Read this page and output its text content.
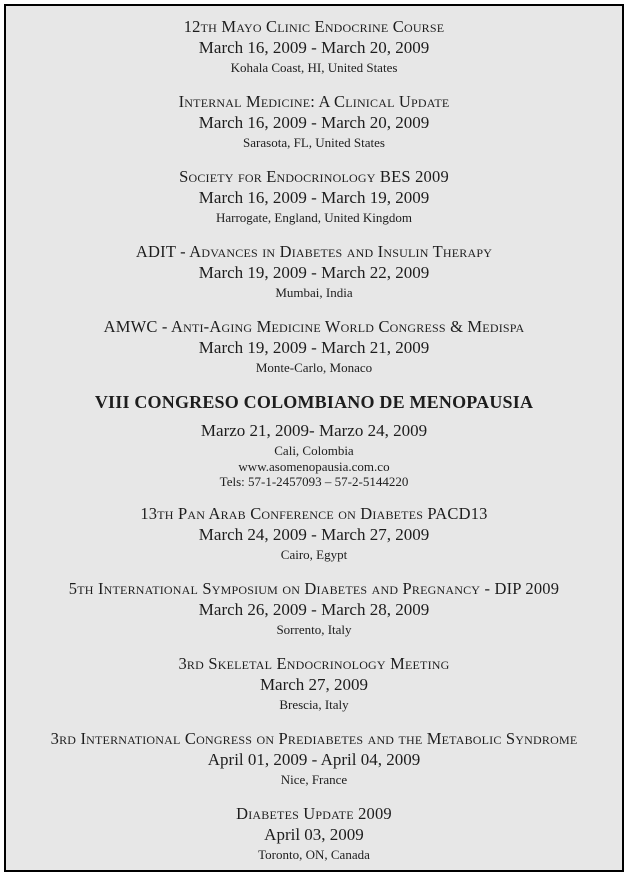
12th Mayo Clinic Endocrine Course
March 16, 2009 - March 20, 2009
Kohala Coast, HI, United States
Internal Medicine: A Clinical Update
March 16, 2009 - March 20, 2009
Sarasota, FL, United States
Society for Endocrinology BES 2009
March 16, 2009 - March 19, 2009
Harrogate, England, United Kingdom
ADIT - Advances in Diabetes and Insulin Therapy
March 19, 2009 - March 22, 2009
Mumbai, India
AMWC - Anti-Aging Medicine World Congress & Medispa
March 19, 2009 - March 21, 2009
Monte-Carlo, Monaco
VIII CONGRESO COLOMBIANO DE MENOPAUSIA
Marzo 21, 2009- Marzo 24, 2009
Cali, Colombia
www.asomenopausia.com.co
Tels: 57-1-2457093 – 57-2-5144220
13th Pan Arab Conference on Diabetes PACD13
March 24, 2009 - March 27, 2009
Cairo, Egypt
5th International Symposium on Diabetes and Pregnancy - DIP 2009
March 26, 2009 - March 28, 2009
Sorrento, Italy
3rd Skeletal Endocrinology Meeting
March 27, 2009
Brescia, Italy
3rd International Congress on Prediabetes and the Metabolic Syndrome
April 01, 2009 - April 04, 2009
Nice, France
Diabetes Update 2009
April 03, 2009
Toronto, ON, Canada
